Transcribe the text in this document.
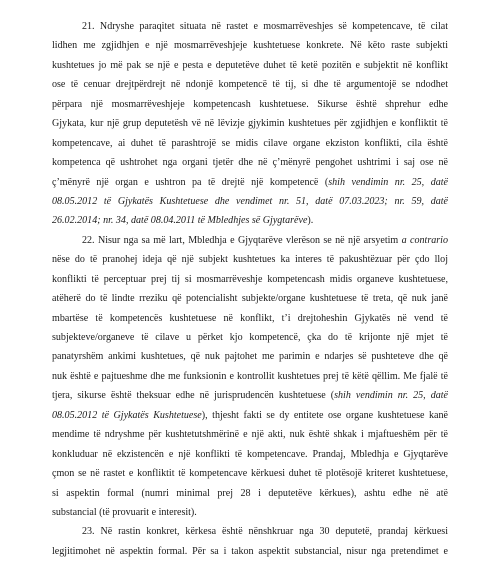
21. Ndryshe paraqitet situata në rastet e mosmarrëveshjes së kompetencave, të cilat
lidhen me zgjidhjen e një mosmarrëveshjeje kushtetuese konkrete. Në këto raste subjekti
kushtetues jo më pak se një e pesta e deputetëve duhet të ketë pozitën e subjektit në konflikt
ose të cenuar drejtpërdrejt në ndonjë kompetencë të tij, si dhe të argumentojë se ndodhet
përpara një mosmarrëveshjeje kompetencash kushtetuese. Sikurse është shprehur edhe
Gjykata, kur një grup deputetësh vë në lëvizje gjykimin kushtetues për zgjidhjen e konfliktit të
kompetencave, ai duhet të parashtrojë se midis cilave organe ekziston konflikti, cila është
kompetenca që ushtrohet nga organi tjetër dhe në ç’mënyrë pengohet ushtrimi i saj ose në
ç’mënyrë një organ e ushtron pa të drejtë një kompetencë (shih vendimin nr. 25, datë
08.05.2012 të Gjykatës Kushtetuese dhe vendimet nr. 51, datë 07.03.2023; nr. 59, datë
26.02.2014; nr. 34, datë 08.04.2011 të Mbledhjes së Gjygtarëve).
22. Nisur nga sa më lart, Mbledhja e Gjyqtarëve vlerëson se në një arsyetim a contrario
nëse do të pranohej ideja që një subjekt kushtetues ka interes të pakushtëzuar për çdo lloj
konflikti të perceptuar prej tij si mosmarrëveshje kompetencash midis organeve kushtetuese,
atëherë do të lindte rreziku që potencialisht subjekte/organe kushtetuese të treta, që nuk janë
mbartëse të kompetencës kushtetuese në konflikt, t’i drejtoheshin Gjykatës në vend të
subjekteve/organeve të cilave u përket kjo kompetencë, çka do të krijonte një mjet të
panatyrshëm ankimi kushtetues, që nuk pajtohet me parimin e ndarjes së pushteteve dhe që
nuk është e pajtueshme dhe me funksionin e kontrollit kushtetues prej të këtë qëllim. Me fjalë të
tjera, sikurse është theksuar edhe në jurisprudencën kushtetuese (shih vendimin nr. 25, datë
08.05.2012 të Gjykatës Kushtetuese), thjesht fakti se dy entitete ose organe kushtetuese kanë
mendime të ndryshme për kushtetutshmërinë e një akti, nuk është shkak i mjaftueshëm për të
konkluduar në ekzistencën e një konflikti të kompetencave. Prandaj, Mbledhja e Gjyqtarëve
çmon se në rastet e konfliktit të kompetencave kërkuesi duhet të plotësojë kriteret kushtetuese,
si aspektin formal (numri minimal prej 28 i deputetëve kërkues), ashtu edhe në atë
substancial (të provuarit e interesit).
23. Në rastin konkret, kërkesa është nënshkruar nga 30 deputetë, prandaj kërkuesi
legjitimohet në aspektin formal. Për sa i takon aspektit substancial, nisur nga pretendimet e
